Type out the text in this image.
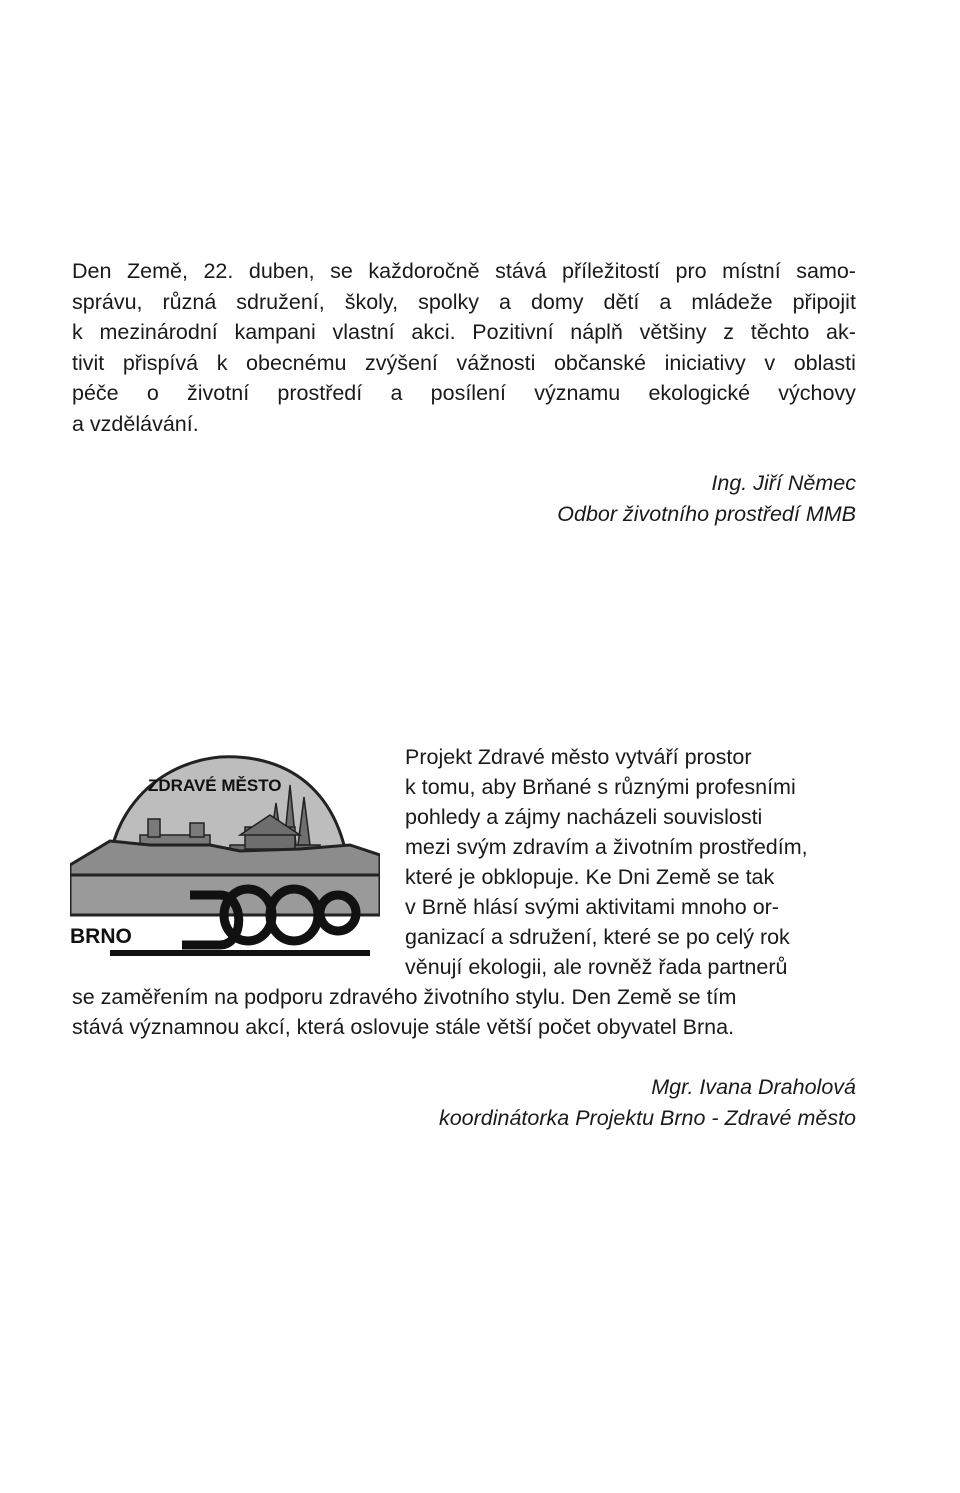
Den Země, 22. duben, se každoročně stává příležitostí pro místní samo-
správu, různá sdružení, školy, spolky a domy dětí a mládeže připojit
k mezinárodní kampani vlastní akci. Pozitivní náplň většiny z těchto ak-
tivit přispívá k obecnému zvýšení vážnosti občanské iniciativy v oblasti
péče o životní prostředí a posílení významu ekologické výchovy
a vzdělávání.
Ing. Jiří Němec
Odbor životního prostředí MMB
ZDRAVÉ MĚSTO
BRNO
Projekt Zdravé město vytváří prostor
k tomu, aby Brňané s různými profesními
pohledy a zájmy nacházeli souvislosti
mezi svým zdravím a životním prostředím,
které je obklopuje. Ke Dni Země se tak
v Brně hlásí svými aktivitami mnoho or-
ganizací a sdružení, které se po celý rok
věnují ekologii, ale rovněž řada partnerů
se zaměřením na podporu zdravého životního stylu. Den Země se tím
stává významnou akcí, která oslovuje stále větší počet obyvatel Brna.
Mgr. Ivana Draholová
koordinátorka Projektu Brno - Zdravé město
